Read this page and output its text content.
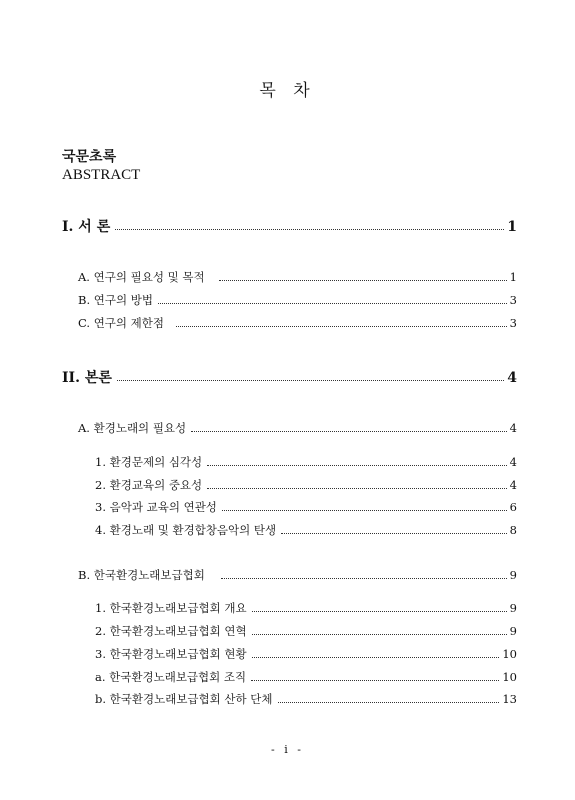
목 차
국문초록
ABSTRACT
I. 서 론	1
A. 연구의 필요성 및 목적	1
B. 연구의 방법	3
C. 연구의 제한점	3
II. 본론	4
A. 환경노래의 필요성	4
1. 환경문제의 심각성	4
2. 환경교육의 중요성	4
3. 음악과 교육의 연관성	6
4. 환경노래 및 환경합창음악의 탄생	8
B. 한국환경노래보급협회	9
1. 한국환경노래보급협회 개요	9
2. 한국환경노래보급협회 연혁	9
3. 한국환경노래보급협회 현황	10
a. 한국환경노래보급협회 조직	10
b. 한국환경노래보급협회 산하 단체	13
- i -
